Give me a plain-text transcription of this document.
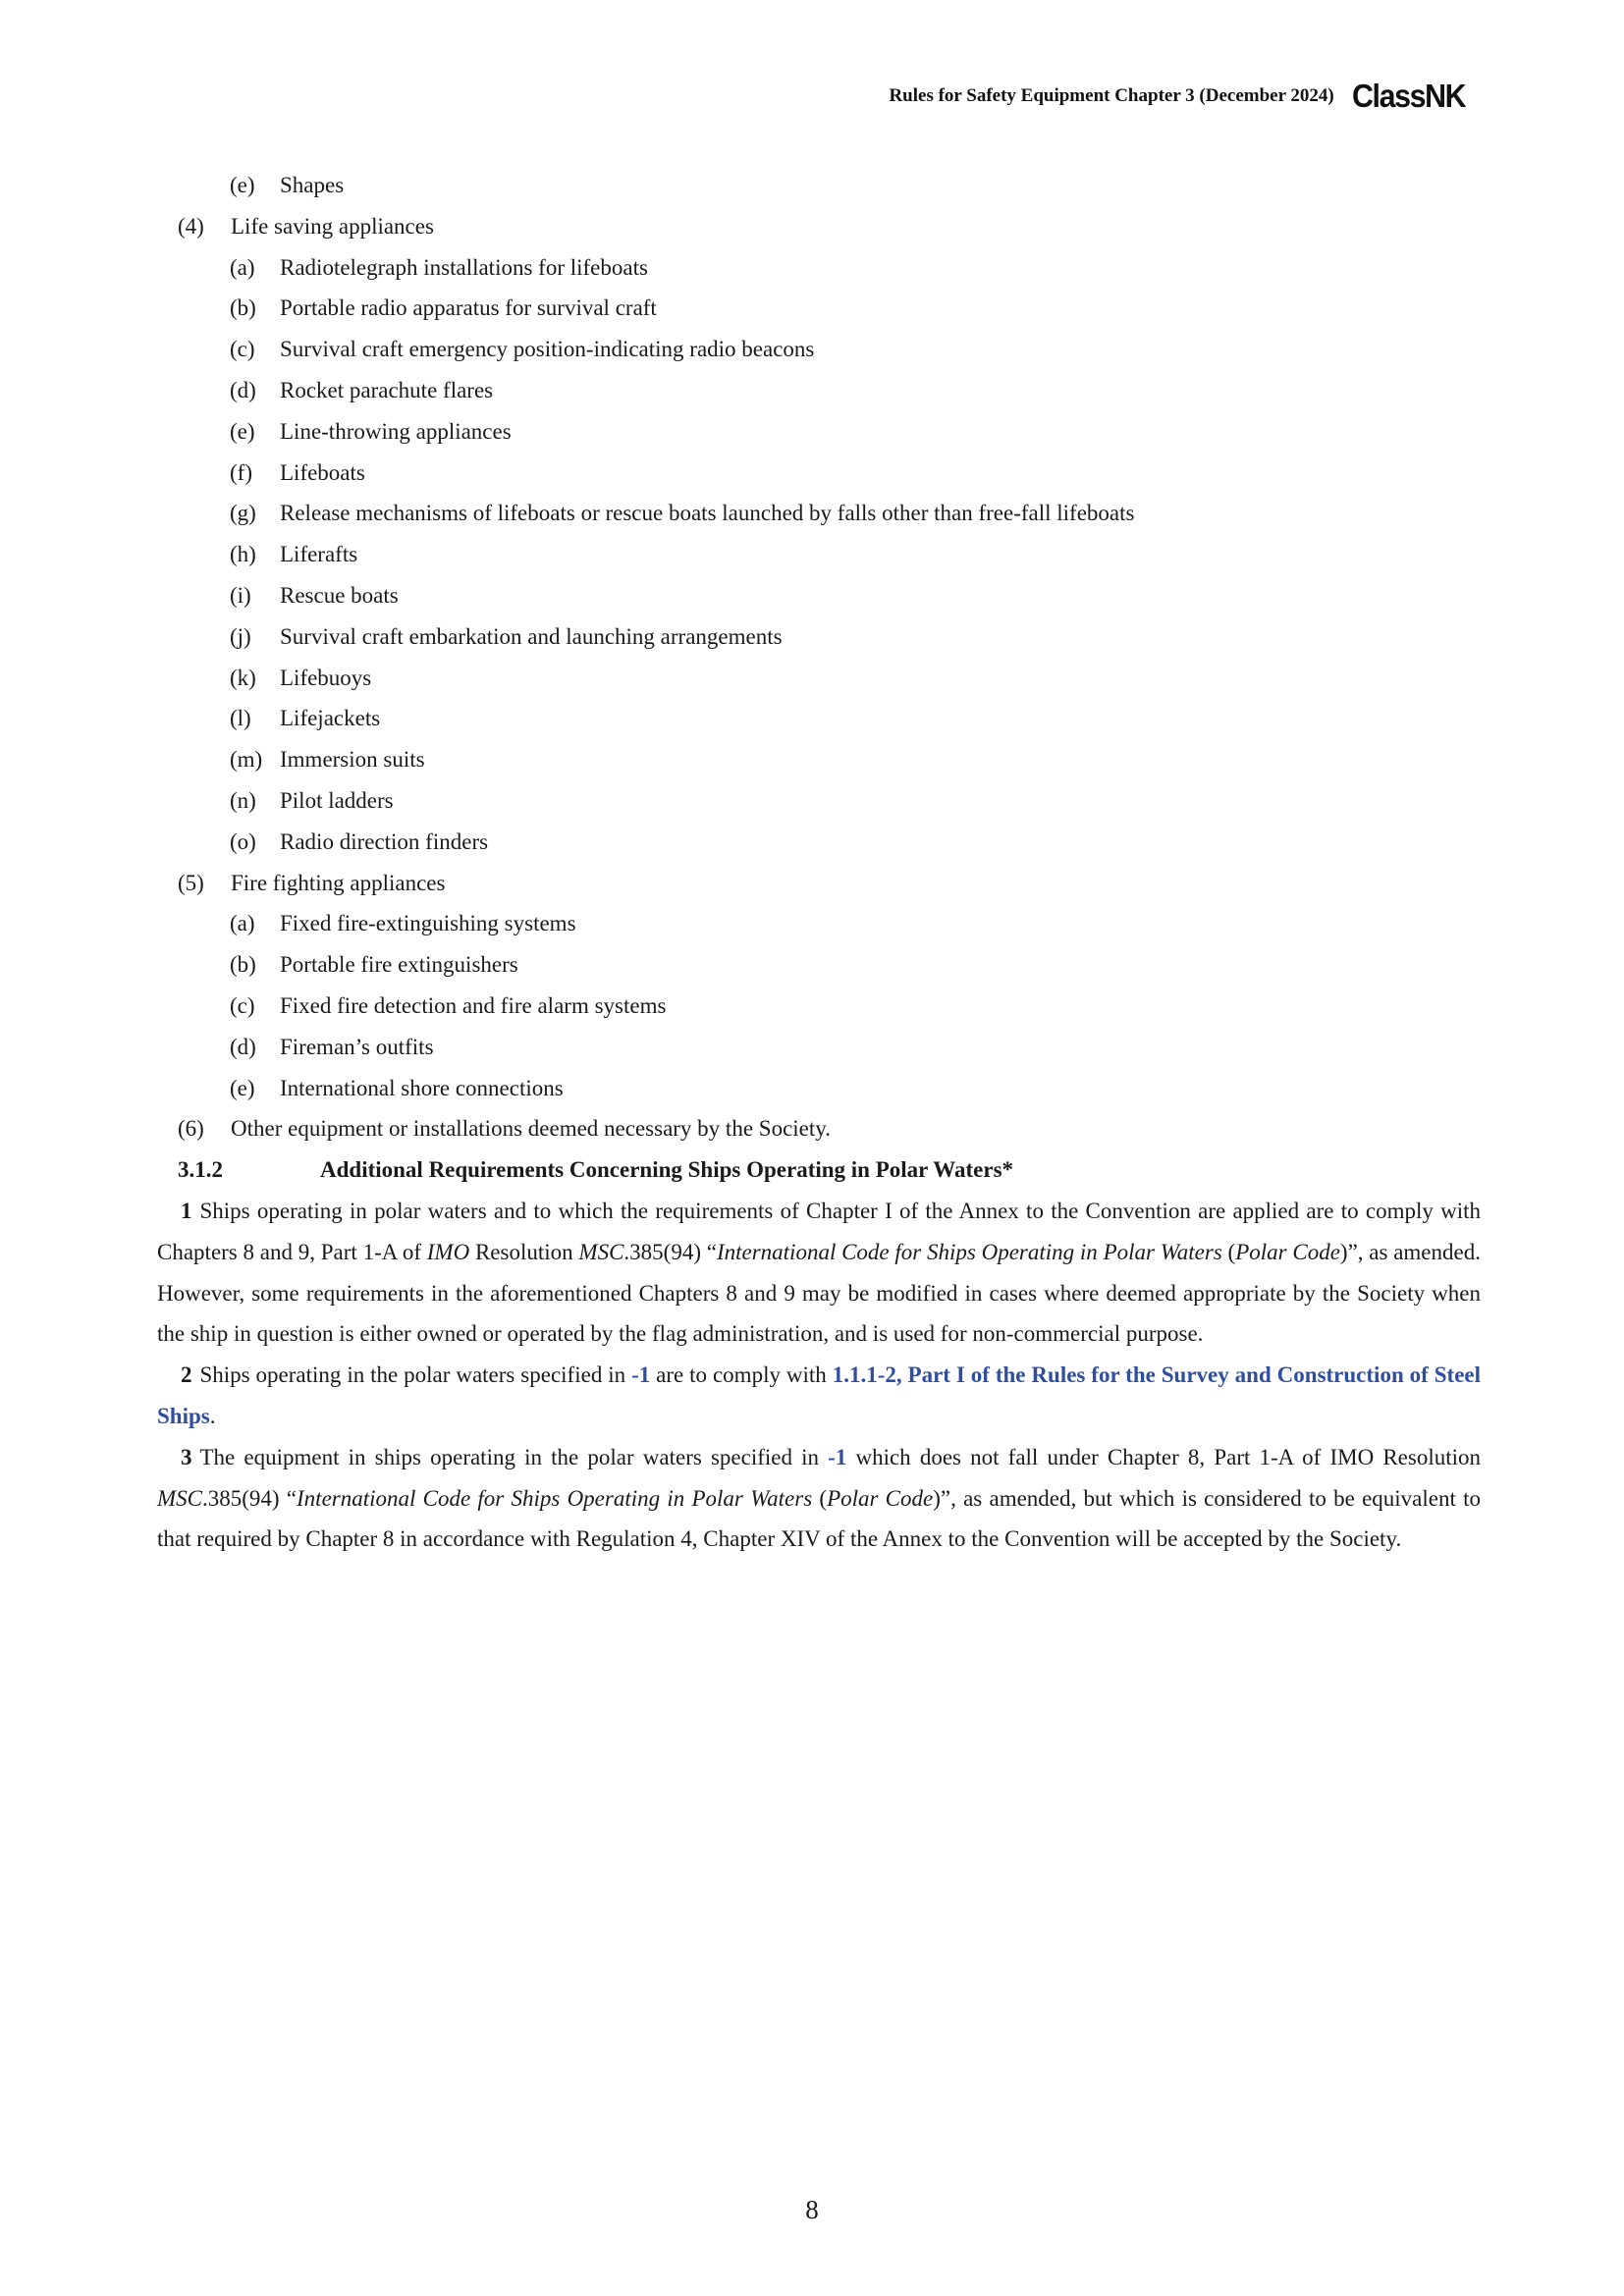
Rules for Safety Equipment Chapter 3 (December 2024) ClassNK
(e)	Shapes
(4)	Life saving appliances
(a)	Radiotelegraph installations for lifeboats
(b)	Portable radio apparatus for survival craft
(c)	Survival craft emergency position-indicating radio beacons
(d)	Rocket parachute flares
(e)	Line-throwing appliances
(f)	Lifeboats
(g)	Release mechanisms of lifeboats or rescue boats launched by falls other than free-fall lifeboats
(h)	Liferafts
(i)	Rescue boats
(j)	Survival craft embarkation and launching arrangements
(k)	Lifebuoys
(l)	Lifejackets
(m) Immersion suits
(n)	Pilot ladders
(o)	Radio direction finders
(5)	Fire fighting appliances
(a)	Fixed fire-extinguishing systems
(b)	Portable fire extinguishers
(c)	Fixed fire detection and fire alarm systems
(d)	Fireman’s outfits
(e)	International shore connections
(6)	Other equipment or installations deemed necessary by the Society.
3.1.2	Additional Requirements Concerning Ships Operating in Polar Waters*
1 Ships operating in polar waters and to which the requirements of Chapter I of the Annex to the Convention are applied are to comply with Chapters 8 and 9, Part 1-A of IMO Resolution MSC.385(94) “International Code for Ships Operating in Polar Waters (Polar Code)”, as amended. However, some requirements in the aforementioned Chapters 8 and 9 may be modified in cases where deemed appropriate by the Society when the ship in question is either owned or operated by the flag administration, and is used for non-commercial purpose.
2 Ships operating in the polar waters specified in -1 are to comply with 1.1.1-2, Part I of the Rules for the Survey and Construction of Steel Ships.
3 The equipment in ships operating in the polar waters specified in -1 which does not fall under Chapter 8, Part 1-A of IMO Resolution MSC.385(94) “International Code for Ships Operating in Polar Waters (Polar Code)”, as amended, but which is considered to be equivalent to that required by Chapter 8 in accordance with Regulation 4, Chapter XIV of the Annex to the Convention will be accepted by the Society.
8
